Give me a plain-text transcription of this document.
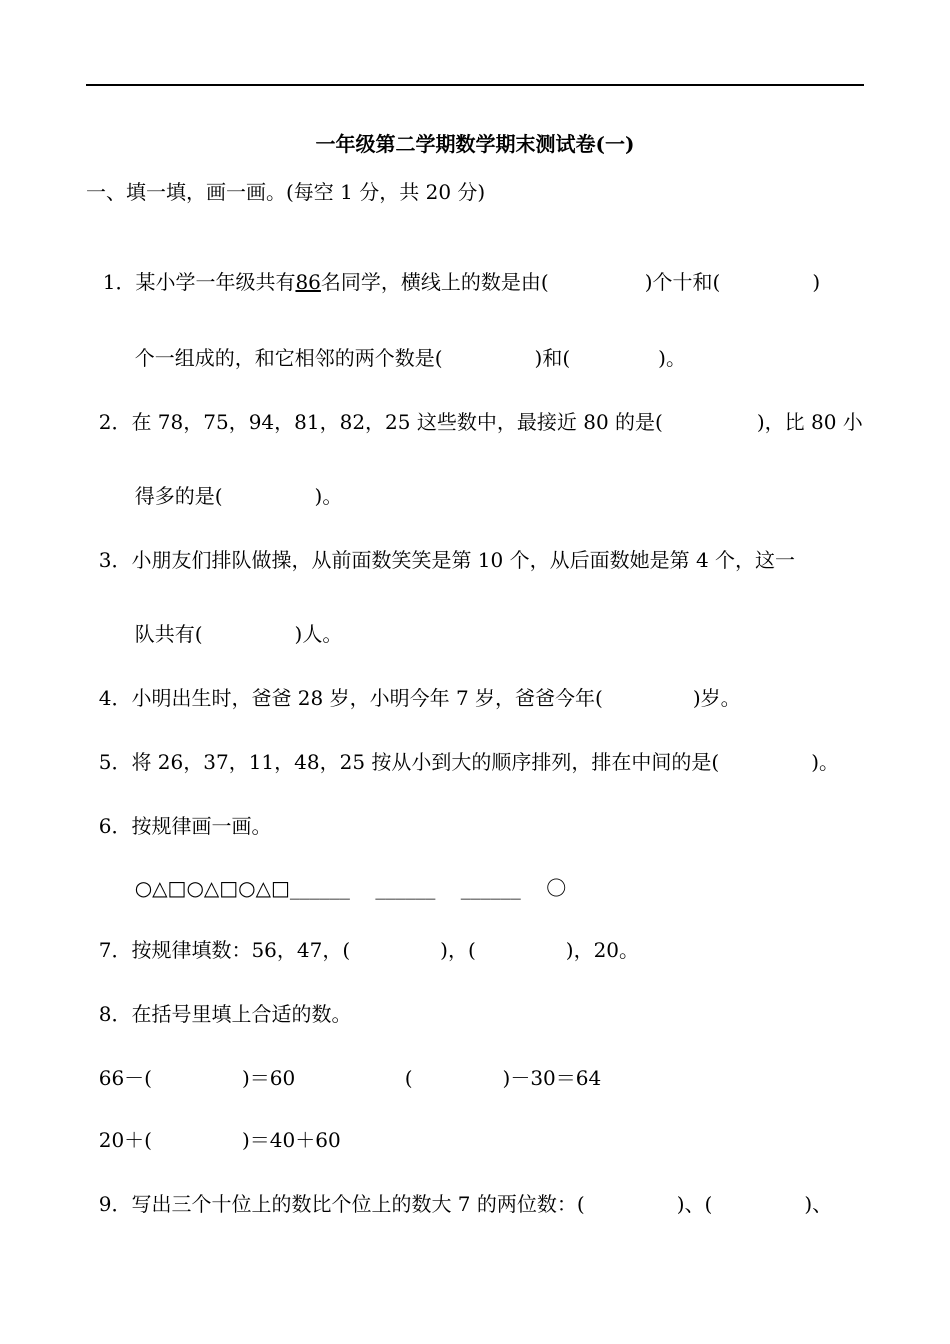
一年级第二学期数学期末测试卷(一)
一、填一填，画一画。(每空 1 分，共 20 分)

1．某小学一年级共有86名同学，横线上的数是由(	)个十和(	)

个一组成的，和它相邻的两个数是(	)和(	)。

2．在 78，75，94，81，82，25 这些数中，最接近 80 的是(	)，比 80 小

得多的是(	)。

3．小朋友们排队做操，从前面数笑笑是第 10 个，从后面数她是第 4 个，这一

队共有(	)人。

4．小明出生时，爸爸 28 岁，小明今年 7 岁，爸爸今年(	)岁。

5．将 26，37，11，48，25 按从小到大的顺序排列，排在中间的是(	)。

6．按规律画一画。

○△□○△□○△□______ ______ ______ 〇

7．按规律填数：56，47，(	)，(	)，20。

8．在括号里填上合适的数。

66－(	)＝60	(	)－30＝64

20＋(	)＝40＋60

9．写出三个十位上的数比个位上的数大 7 的两位数：(	)、(	)、
